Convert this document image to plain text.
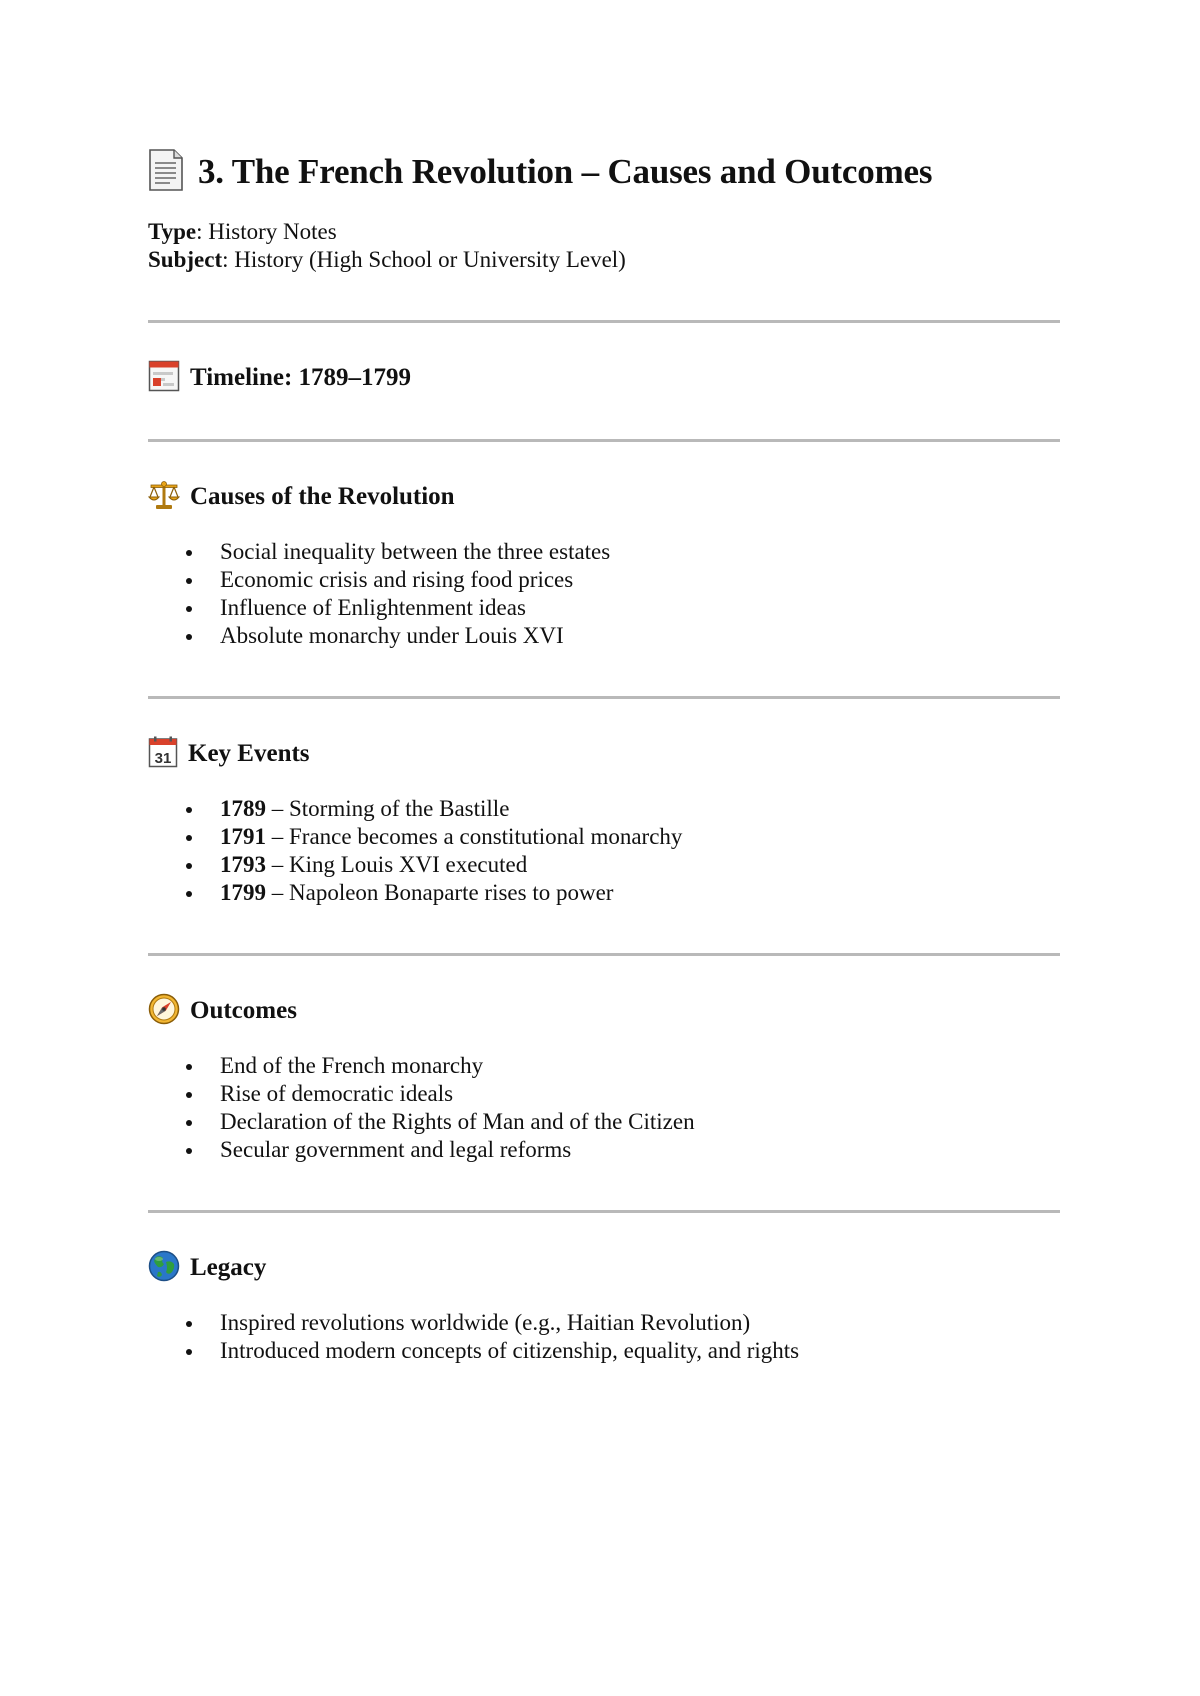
3. The French Revolution – Causes and Outcomes
Type: History Notes
Subject: History (High School or University Level)
Timeline: 1789–1799
Causes of the Revolution
Social inequality between the three estates
Economic crisis and rising food prices
Influence of Enlightenment ideas
Absolute monarchy under Louis XVI
31 Key Events
1789 – Storming of the Bastille
1791 – France becomes a constitutional monarchy
1793 – King Louis XVI executed
1799 – Napoleon Bonaparte rises to power
Outcomes
End of the French monarchy
Rise of democratic ideals
Declaration of the Rights of Man and of the Citizen
Secular government and legal reforms
Legacy
Inspired revolutions worldwide (e.g., Haitian Revolution)
Introduced modern concepts of citizenship, equality, and rights
